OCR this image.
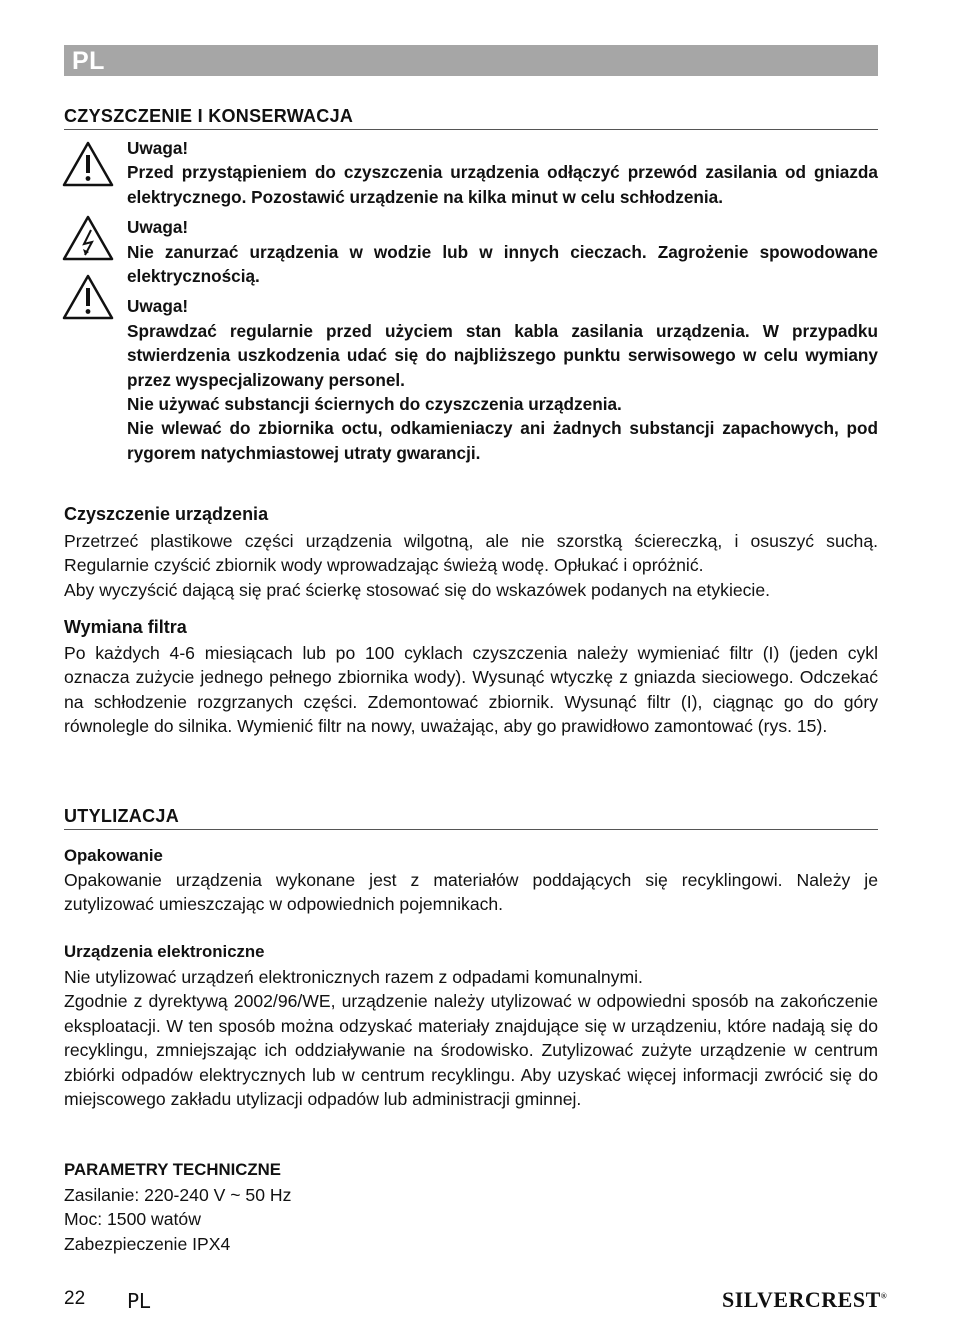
PL
CZYSZCZENIE I KONSERWACJA

Uwaga!

Przed przystąpieniem do czyszczenia urządzenia odłączyć przewód zasilania od gniazda elektrycznego. Pozostawić urządzenie na kilka minut w celu schłodzenia.

Uwaga!

Nie zanurzać urządzenia w wodzie lub w innych cieczach. Zagrożenie spowodowane elektrycznością.

Uwaga!

Sprawdzać regularnie przed użyciem stan kabla zasilania urządzenia. W przypadku stwierdzenia uszkodzenia udać się do najbliższego punktu serwisowego w celu wymiany przez wyspecjalizowany personel.

Nie używać substancji ściernych do czyszczenia urządzenia.

Nie wlewać do zbiornika octu, odkamieniaczy ani żadnych substancji zapachowych, pod rygorem natychmiastowej utraty gwarancji.

Czyszczenie urządzenia

Przetrzeć plastikowe części urządzenia wilgotną, ale nie szorstką ściereczką, i osuszyć suchą. Regularnie czyścić zbiornik wody wprowadzając świeżą wodę. Opłukać i opróżnić.

Aby wyczyścić dającą się prać ścierkę stosować się do wskazówek podanych na etykiecie.

Wymiana filtra

Po każdych 4-6 miesiącach lub po 100 cyklach czyszczenia należy wymieniać filtr (I) (jeden cykl oznacza zużycie jednego pełnego zbiornika wody). Wysunąć wtyczkę z gniazda sieciowego. Odczekać na schłodzenie rozgrzanych części. Zdemontować zbiornik. Wysunąć filtr (I), ciągnąc go do góry równolegle do silnika. Wymienić filtr na nowy, uważając, aby go prawidłowo zamontować (rys. 15).

UTYLIZACJA
Opakowanie

Opakowanie urządzenia wykonane jest z materiałów poddających się recyklingowi. Należy je zutylizować umieszczając w odpowiednich pojemnikach.

Urządzenia elektroniczne

Nie utylizować urządzeń elektronicznych razem z odpadami komunalnymi.

Zgodnie z dyrektywą 2002/96/WE, urządzenie należy utylizować w odpowiedni sposób na zakończenie eksploatacji. W ten sposób można odzyskać materiały znajdujące się w urządzeniu, które nadają się do recyklingu, zmniejszając ich oddziaływanie na środowisko. Zutylizować zużyte urządzenie w centrum zbiórki odpadów elektrycznych lub w centrum recyklingu. Aby uzyskać więcej informacji zwrócić się do miejscowego zakładu utylizacji odpadów lub administracji gminnej.

PARAMETRY TECHNICZNE

Zasilanie: 220-240 V ~ 50 Hz

Moc: 1500 watów

Zabezpieczenie IPX4

22 PL	SILVERCREST®
